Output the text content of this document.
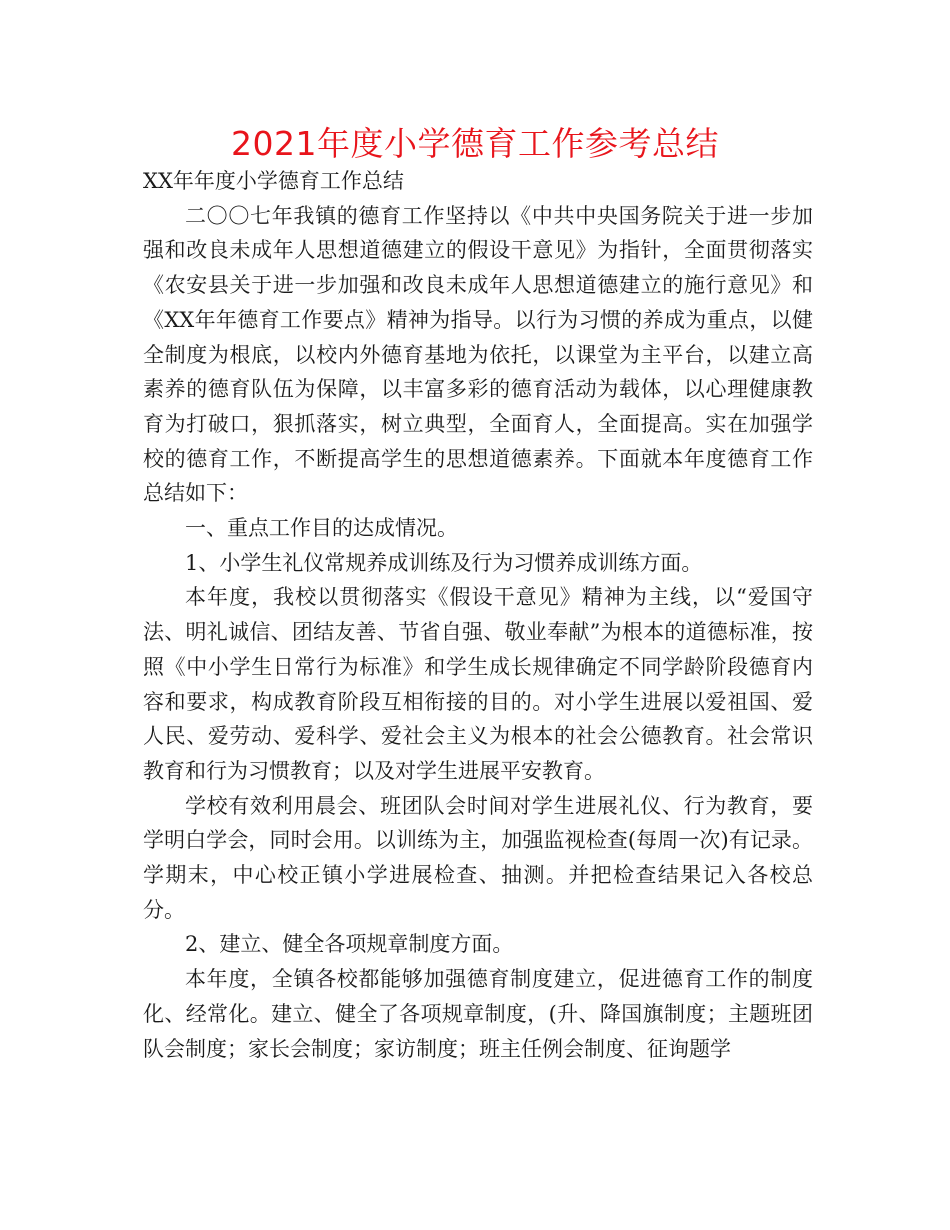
2021年度小学德育工作参考总结

XX年年度小学德育工作总结

二〇〇七年我镇的德育工作坚持以《中共中央国务院关于进一步加强和改良未成年人思想道德建立的假设干意见》为指针，全面贯彻落实《农安县关于进一步加强和改良未成年人思想道德建立的施行意见》和《XX年年德育工作要点》精神为指导。以行为习惯的养成为重点，以健全制度为根底，以校内外德育基地为依托，以课堂为主平台，以建立高素养的德育队伍为保障，以丰富多彩的德育活动为载体，以心理健康教育为打破口，狠抓落实，树立典型，全面育人，全面提高。实在加强学校的德育工作，不断提高学生的思想道德素养。下面就本年度德育工作总结如下：

一、重点工作目的达成情况。

1、小学生礼仪常规养成训练及行为习惯养成训练方面。

本年度，我校以贯彻落实《假设干意见》精神为主线，以“爱国守法、明礼诚信、团结友善、节省自强、敬业奉献”为根本的道德标准，按照《中小学生日常行为标准》和学生成长规律确定不同学龄阶段德育内容和要求，构成教育阶段互相衔接的目的。对小学生进展以爱祖国、爱人民、爱劳动、爱科学、爱社会主义为根本的社会公德教育。社会常识教育和行为习惯教育；以及对学生进展平安教育。

学校有效利用晨会、班团队会时间对学生进展礼仪、行为教育，要学明白学会，同时会用。以训练为主，加强监视检查(每周一次)有记录。学期末，中心校正镇小学进展检查、抽测。并把检查结果记入各校总分。

2、建立、健全各项规章制度方面。

本年度，全镇各校都能够加强德育制度建立，促进德育工作的制度化、经常化。建立、健全了各项规章制度，(升、降国旗制度；主题班团队会制度；家长会制度；家访制度；班主任例会制度、征询题学
